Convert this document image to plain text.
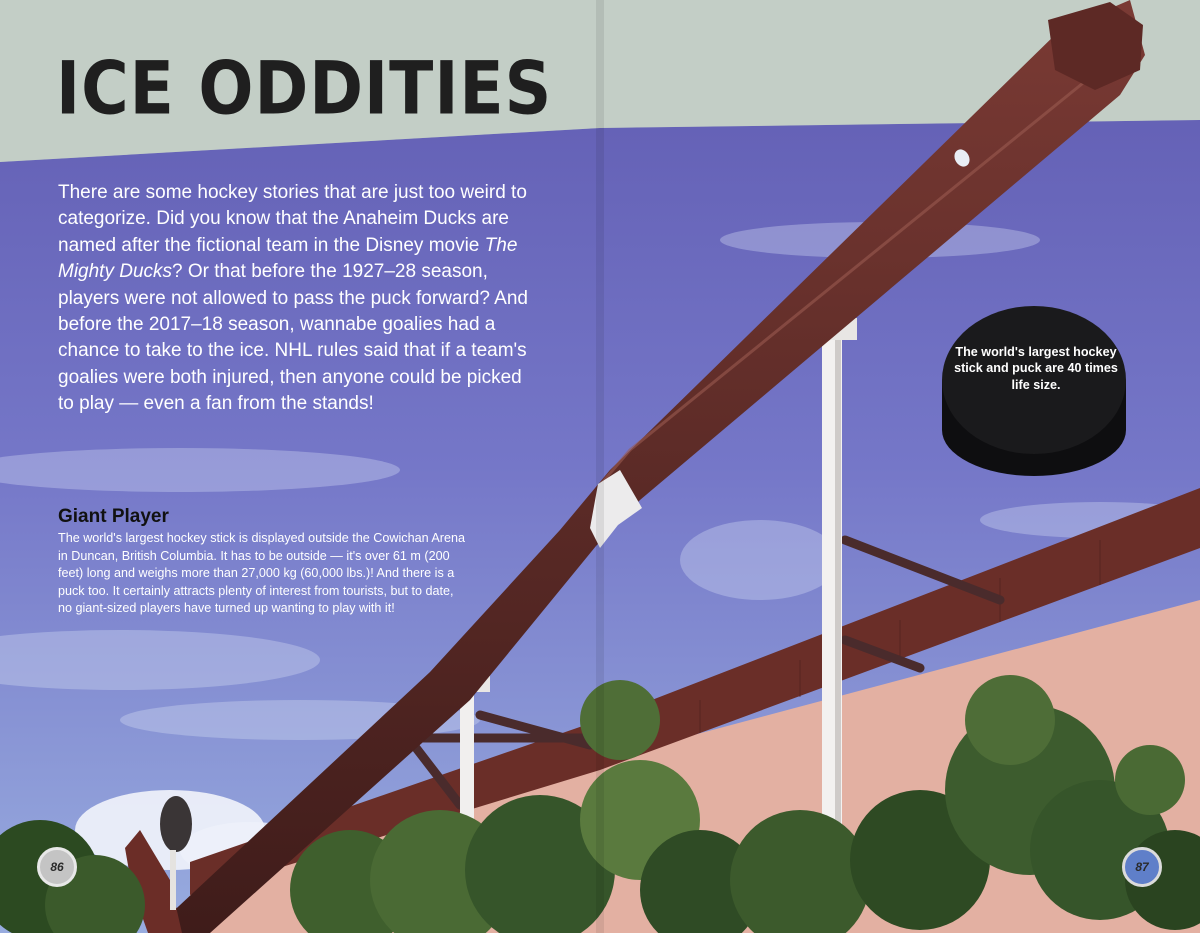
ICE ODDITIES

There are some hockey stories that are just too weird to categorize. Did you know that the Anaheim Ducks are named after the fictional team in the Disney movie The Mighty Ducks? Or that before the 1927–28 season, players were not allowed to pass the puck forward? And before the 2017–18 season, wannabe goalies had a chance to take to the ice. NHL rules said that if a team's goalies were both injured, then anyone could be picked to play — even a fan from the stands!

Giant Player

The world's largest hockey stick is displayed outside the Cowichan Arena in Duncan, British Columbia. It has to be outside — it's over 61 m (200 feet) long and weighs more than 27,000 kg (60,000 lbs.)! And there is a puck too. It certainly attracts plenty of interest from tourists, but to date, no giant-sized players have turned up wanting to play with it!

The world's largest hockey stick and puck are 40 times life size.

86	87
